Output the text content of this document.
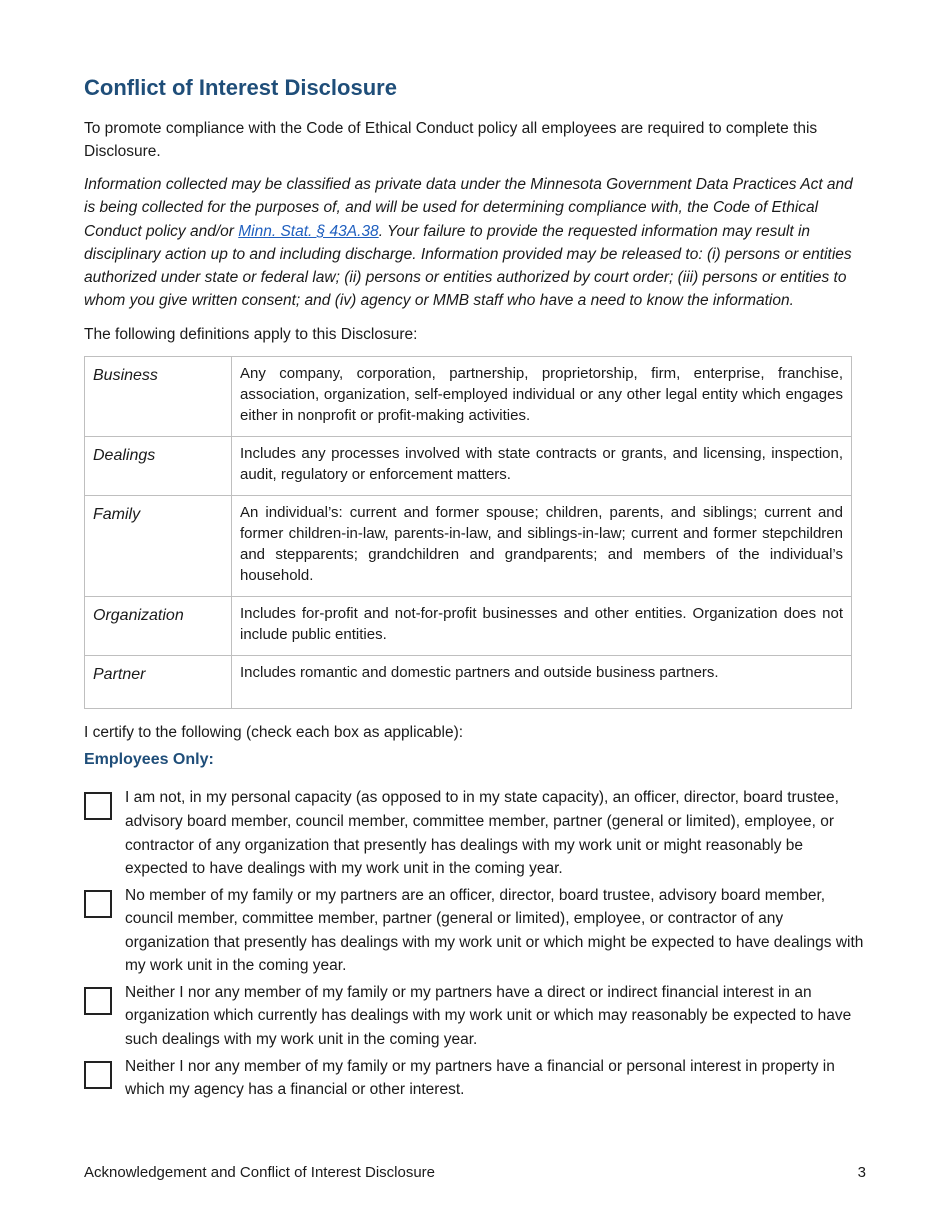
Conflict of Interest Disclosure

To promote compliance with the Code of Ethical Conduct policy all employees are required to complete this Disclosure.

Information collected may be classified as private data under the Minnesota Government Data Practices Act and is being collected for the purposes of, and will be used for determining compliance with, the Code of Ethical Conduct policy and/or Minn. Stat. § 43A.38. Your failure to provide the requested information may result in disciplinary action up to and including discharge. Information provided may be released to: (i) persons or entities authorized under state or federal law; (ii) persons or entities authorized by court order; (iii) persons or entities to whom you give written consent; and (iv) agency or MMB staff who have a need to know the information.

The following definitions apply to this Disclosure:

Business	Any company, corporation, partnership, proprietorship, firm, enterprise, franchise, association, organization, self-employed individual or any other legal entity which engages either in nonprofit or profit-making activities.
Dealings	Includes any processes involved with state contracts or grants, and licensing, inspection, audit, regulatory or enforcement matters.
Family	An individual’s: current and former spouse; children, parents, and siblings; current and former children-in-law, parents-in-law, and siblings-in-law; current and former stepchildren and stepparents; grandchildren and grandparents; and members of the individual’s household.
Organization	Includes for-profit and not-for-profit businesses and other entities. Organization does not include public entities.
Partner	Includes romantic and domestic partners and outside business partners.

I certify to the following (check each box as applicable):

Employees Only:
I am not, in my personal capacity (as opposed to in my state capacity), an officer, director, board trustee, advisory board member, council member, committee member, partner (general or limited), employee, or contractor of any organization that presently has dealings with my work unit or might reasonably be expected to have dealings with my work unit in the coming year.
No member of my family or my partners are an officer, director, board trustee, advisory board member, council member, committee member, partner (general or limited), employee, or contractor of any organization that presently has dealings with my work unit or which might be expected to have dealings with my work unit in the coming year.
Neither I nor any member of my family or my partners have a direct or indirect financial interest in an organization which currently has dealings with my work unit or which may reasonably be expected to have such dealings with my work unit in the coming year.
Neither I nor any member of my family or my partners have a financial or personal interest in property in which my agency has a financial or other interest.
Acknowledgement and Conflict of Interest Disclosure	3
